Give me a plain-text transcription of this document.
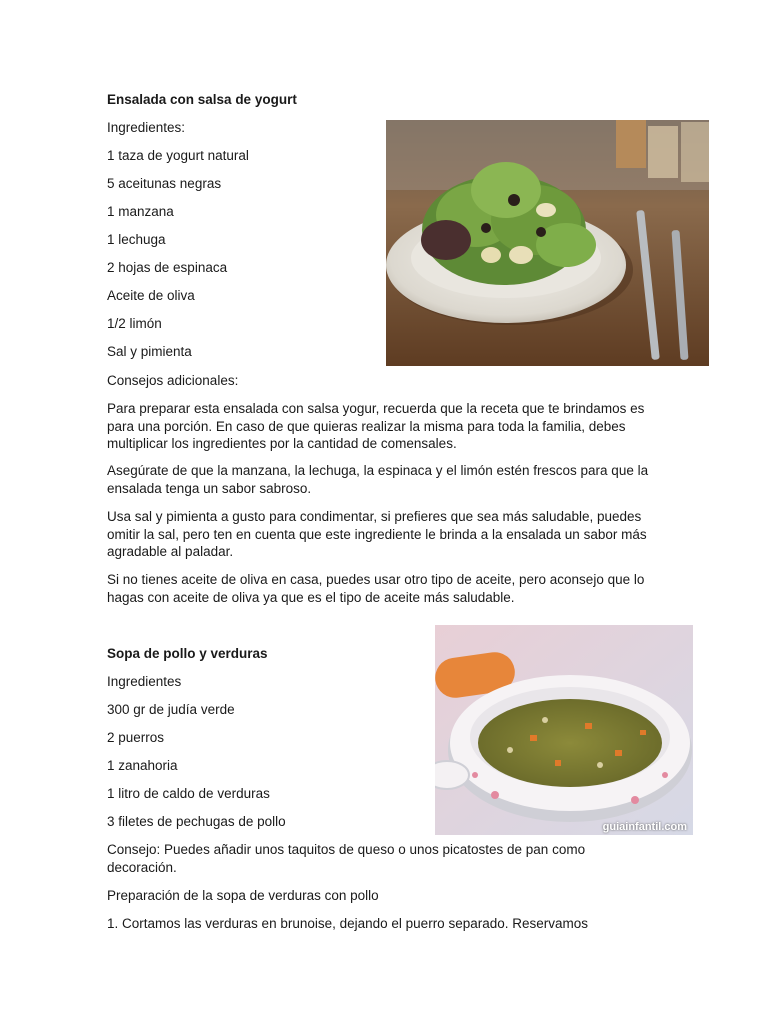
Ensalada con salsa de yogurt
Ingredientes:
1 taza de yogurt natural
5 aceitunas negras
1 manzana
1 lechuga
2 hojas de espinaca
Aceite de oliva
1/2 limón
Sal y pimienta
Consejos adicionales:
Para preparar esta ensalada con salsa yogur, recuerda que la receta que te brindamos es para una porción. En caso de que quieras realizar la misma para toda la familia, debes multiplicar los ingredientes por la cantidad de comensales.
Asegúrate de que la manzana, la lechuga, la espinaca y el limón estén frescos para que la ensalada tenga un sabor sabroso.
Usa sal y pimienta a gusto para condimentar, si prefieres que sea más saludable, puedes omitir la sal, pero ten en cuenta que este ingrediente le brinda a la ensalada un sabor más agradable al paladar.
Si no tienes aceite de oliva en casa, puedes usar otro tipo de aceite, pero aconsejo que lo hagas con aceite de oliva ya que es el tipo de aceite más saludable.
Sopa de pollo y verduras
Ingredientes
300 gr de judía verde
2 puerros
1 zanahoria
1 litro de caldo de verduras
3 filetes de pechugas de pollo
Consejo: Puedes añadir unos taquitos de queso o unos picatostes de pan como decoración.
Preparación de la sopa de verduras con pollo
1. Cortamos las verduras en brunoise, dejando el puerro separado. Reservamos
guiainfantil.com
